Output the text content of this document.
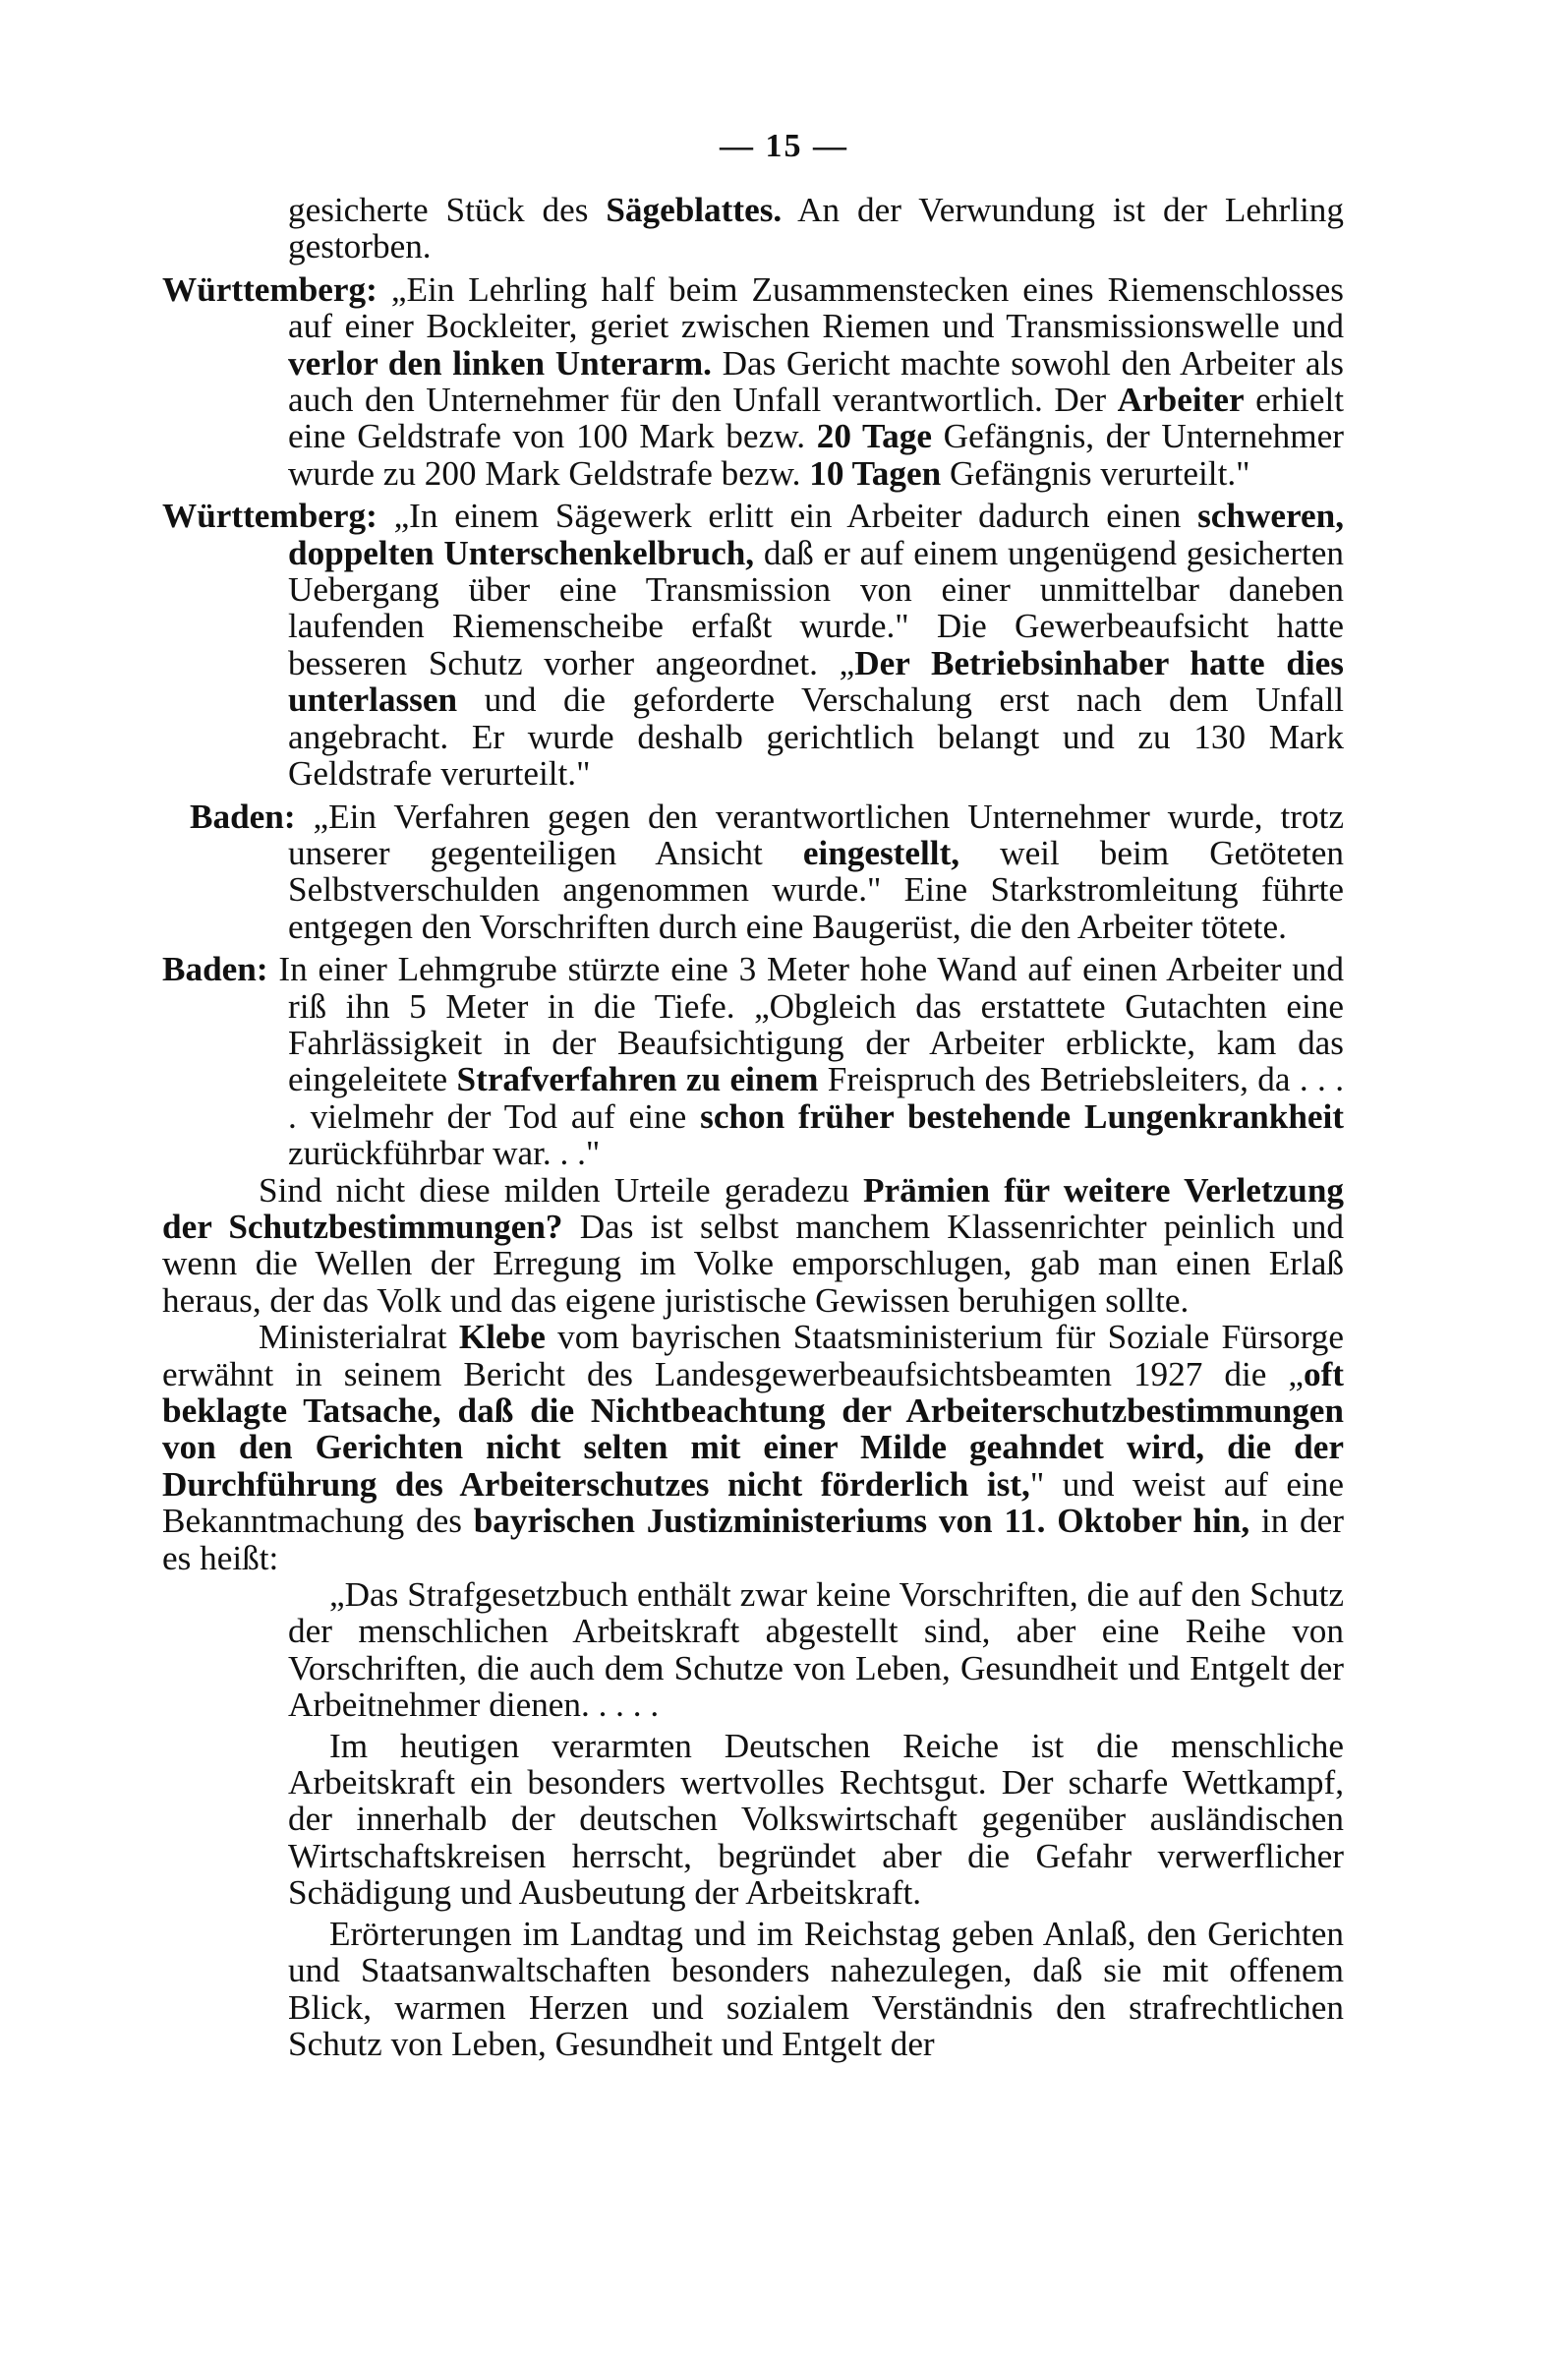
— 15 —

gesicherte Stück des Sägeblattes. An der Verwundung ist der Lehrling gestorben.

Württemberg: „Ein Lehrling half beim Zusammenstecken eines Riemenschlosses auf einer Bockleiter, geriet zwischen Riemen und Transmissionswelle und verlor den linken Unterarm. Das Gericht machte sowohl den Arbeiter als auch den Unternehmer für den Unfall verantwortlich. Der Arbeiter erhielt eine Geldstrafe von 100 Mark bezw. 20 Tage Gefängnis, der Unternehmer wurde zu 200 Mark Geldstrafe bezw. 10 Tagen Gefängnis verurteilt."

Württemberg: „In einem Sägewerk erlitt ein Arbeiter dadurch einen schweren, doppelten Unterschenkelbruch, daß er auf einem ungenügend gesicherten Uebergang über eine Transmission von einer unmittelbar daneben laufenden Riemenscheibe erfaßt wurde." Die Gewerbeaufsicht hatte besseren Schutz vorher angeordnet. „Der Betriebsinhaber hatte dies unterlassen und die geforderte Verschalung erst nach dem Unfall angebracht. Er wurde deshalb gerichtlich belangt und zu 130 Mark Geldstrafe verurteilt."

Baden: „Ein Verfahren gegen den verantwortlichen Unternehmer wurde, trotz unserer gegenteiligen Ansicht eingestellt, weil beim Getöteten Selbstverschulden angenommen wurde." Eine Starkstromleitung führte entgegen den Vorschriften durch eine Baugerüst, die den Arbeiter tötete.

Baden: In einer Lehmgrube stürzte eine 3 Meter hohe Wand auf einen Arbeiter und riß ihn 5 Meter in die Tiefe. „Obgleich das erstattete Gutachten eine Fahrlässigkeit in der Beaufsichtigung der Arbeiter erblickte, kam das eingeleitete Strafverfahren zu einem Freispruch des Betriebsleiters, da . . . . vielmehr der Tod auf eine schon früher bestehende Lungenkrankheit zurückführbar war. . ."

Sind nicht diese milden Urteile geradezu Prämien für weitere Verletzung der Schutzbestimmungen? Das ist selbst manchem Klassenrichter peinlich und wenn die Wellen der Erregung im Volke emporschlugen, gab man einen Erlaß heraus, der das Volk und das eigene juristische Gewissen beruhigen sollte.

Ministerialrat Klebe vom bayrischen Staatsministerium für Soziale Fürsorge erwähnt in seinem Bericht des Landesgewerbeaufsichtsbeamten 1927 die „oft beklagte Tatsache, daß die Nichtbeachtung der Arbeiterschutzbestimmungen von den Gerichten nicht selten mit einer Milde geahndet wird, die der Durchführung des Arbeiterschutzes nicht förderlich ist," und weist auf eine Bekanntmachung des bayrischen Justizministeriums von 11. Oktober hin, in der es heißt:

„Das Strafgesetzbuch enthält zwar keine Vorschriften, die auf den Schutz der menschlichen Arbeitskraft abgestellt sind, aber eine Reihe von Vorschriften, die auch dem Schutze von Leben, Gesundheit und Entgelt der Arbeitnehmer dienen. . . . .

Im heutigen verarmten Deutschen Reiche ist die menschliche Arbeitskraft ein besonders wertvolles Rechtsgut. Der scharfe Wettkampf, der innerhalb der deutschen Volkswirtschaft gegenüber ausländischen Wirtschaftskreisen herrscht, begründet aber die Gefahr verwerflicher Schädigung und Ausbeutung der Arbeitskraft.

Erörterungen im Landtag und im Reichstag geben Anlaß, den Gerichten und Staatsanwaltschaften besonders nahezulegen, daß sie mit offenem Blick, warmen Herzen und sozialem Verständnis den strafrechtlichen Schutz von Leben, Gesundheit und Entgelt der
